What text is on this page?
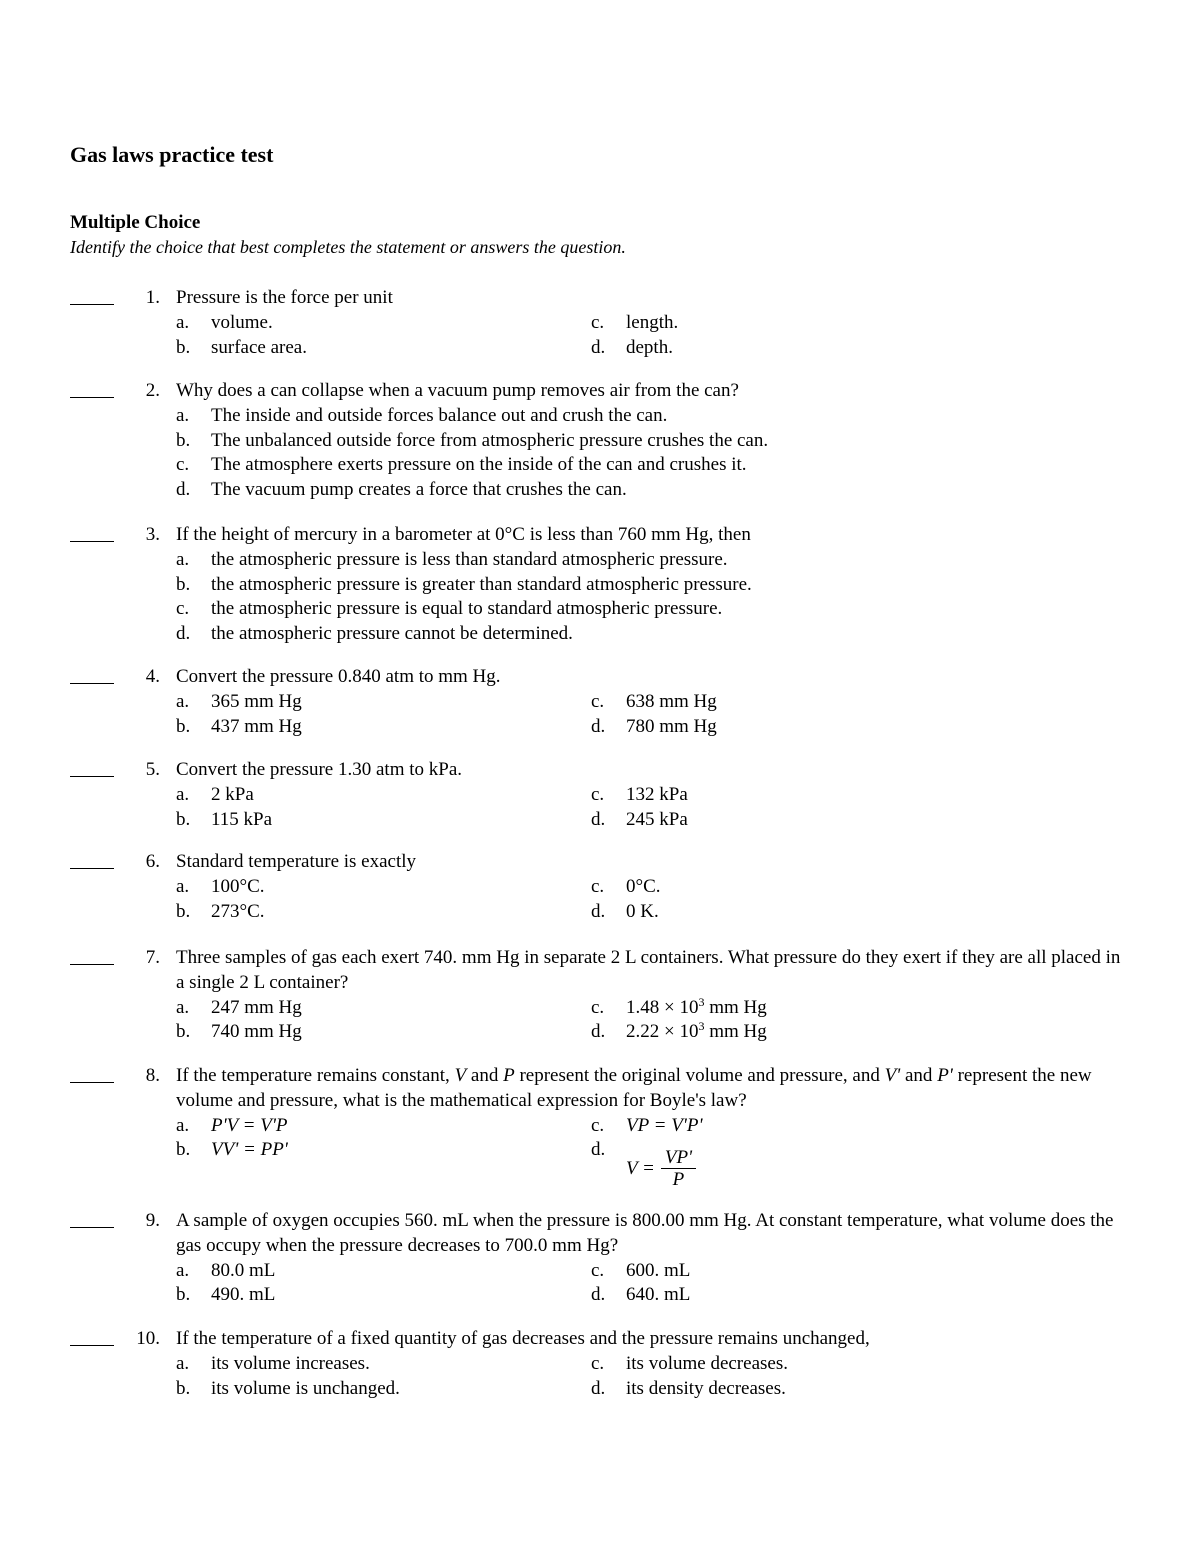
Gas laws practice test
Multiple Choice

Identify the choice that best completes the statement or answers the question.

1. Pressure is the force per unit
a.	volume.	c.	length.
b.	surface area.	d.	depth.
2. Why does a can collapse when a vacuum pump removes air from the can?
a.	The inside and outside forces balance out and crush the can.
b.	The unbalanced outside force from atmospheric pressure crushes the can.
c.	The atmosphere exerts pressure on the inside of the can and crushes it.
d.	The vacuum pump creates a force that crushes the can.
3. If the height of mercury in a barometer at 0°C is less than 760 mm Hg, then
a.	the atmospheric pressure is less than standard atmospheric pressure.
b.	the atmospheric pressure is greater than standard atmospheric pressure.
c.	the atmospheric pressure is equal to standard atmospheric pressure.
d.	the atmospheric pressure cannot be determined.
4. Convert the pressure 0.840 atm to mm Hg.
a.	365 mm Hg	c.	638 mm Hg
b.	437 mm Hg	d.	780 mm Hg
5. Convert the pressure 1.30 atm to kPa.
a.	2 kPa	c.	132 kPa
b.	115 kPa	d.	245 kPa
6. Standard temperature is exactly
a.	100°C.	c.	0°C.
b.	273°C.	d.	0 K.
7. Three samples of gas each exert 740. mm Hg in separate 2 L containers. What pressure do they exert if they are all placed in a single 2 L container?
a.	247 mm Hg	c.	$1.48 \times 10^3$ mm Hg
b.	740 mm Hg	d.	$2.22 \times 10^3$ mm Hg
8. If the temperature remains constant, V and P represent the original volume and pressure, and V' and P' represent the new volume and pressure, what is the mathematical expression for Boyle's law?
a.	P'V = V'P	c.	VP = V'P'
b.	VV' = PP'	d.
$V = \frac{VP'}{P}$
9. A sample of oxygen occupies 560. mL when the pressure is 800.00 mm Hg. At constant temperature, what volume does the gas occupy when the pressure decreases to 700.0 mm Hg?
a.	80.0 mL	c.	600. mL
b.	490. mL	d.	640. mL
10. If the temperature of a fixed quantity of gas decreases and the pressure remains unchanged,
a.	its volume increases.	c.	its volume decreases.
b.	its volume is unchanged.	d.	its density decreases.
